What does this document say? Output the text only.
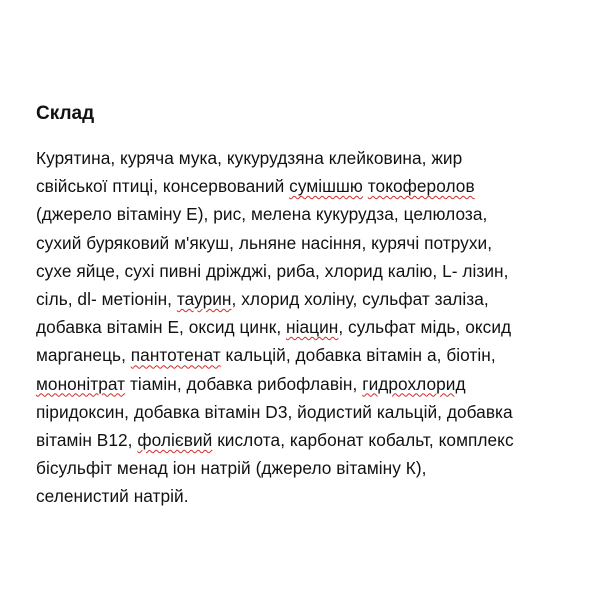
Склад
Курятина, куряча мука, кукурудзяна клейковина, жир
свійської птиці, консервований сумішшю токоферолов
(джерело вітаміну Е), рис, мелена кукурудза, целюлоза,
сухий буряковий м'якуш, льняне насіння, курячі потрухи,
сухе яйце, сухі пивні дріжджі, риба, хлорид калію, L- лізин,
сіль, dl- метіонін, таурин, хлорид холіну, сульфат заліза,
добавка вітамін Е, оксид цинк, ніацин, сульфат мідь, оксид
марганець, пантотенат кальцій, добавка вітамін а, біотін,
мононітрат тіамін, добавка рибофлавін, гидрохлорид
піридоксин, добавка вітамін D3, йодистий кальцій, добавка
вітамін В12, фолієвий кислота, карбонат кобальт, комплекс
бісульфіт менад іон натрій (джерело вітаміну К),
селенистий натрій.
